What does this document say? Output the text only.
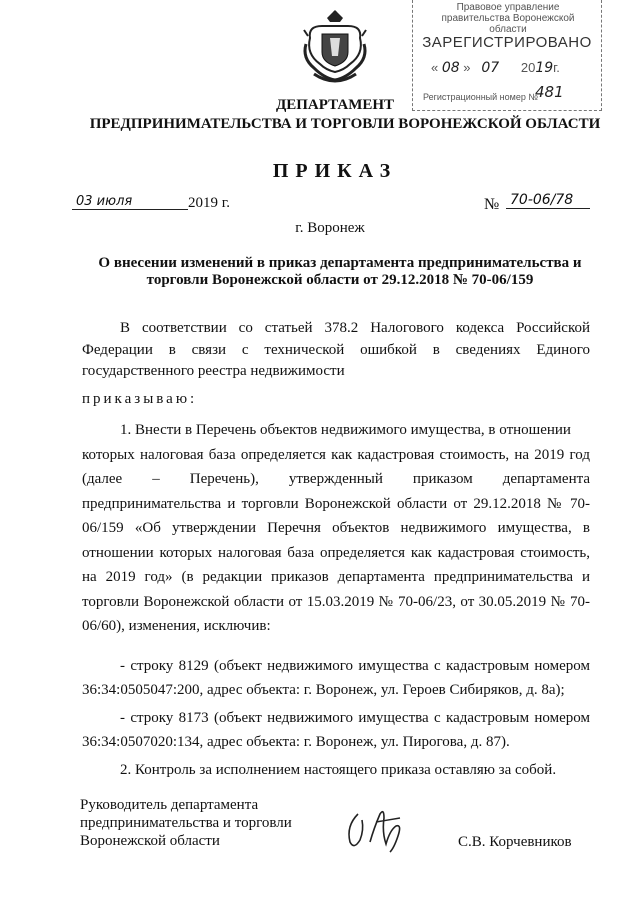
Правовое управление правительства Воронежской области
ЗАРЕГИСТРИРОВАНО
« 08 »   07 2019г.
Регистрационный номер №
481
ДЕПАРТАМЕНТ
ПРЕДПРИНИМАТЕЛЬСТВА И ТОРГОВЛИ ВОРОНЕЖСКОЙ ОБЛАСТИ
ПРИКАЗ
03 июля	2019 г.	№ 70-06/78
г. Воронеж
О внесении изменений в приказ департамента предпринимательства и торговли Воронежской области от 29.12.2018 № 70-06/159
В соответствии со статьей 378.2 Налогового кодекса Российской Федерации в связи с технической ошибкой в сведениях Единого государственного реестра недвижимости
приказываю:
1. Внести в Перечень объектов недвижимого имущества, в отношении
которых налоговая база определяется как кадастровая стоимость, на 2019 год (далее – Перечень), утвержденный приказом департамента предпринимательства и торговли Воронежской области от 29.12.2018 № 70-06/159 «Об утверждении Перечня объектов недвижимого имущества, в отношении которых налоговая база определяется как кадастровая стоимость, на 2019 год» (в редакции приказов департамента предпринимательства и торговли Воронежской области от 15.03.2019 № 70-06/23, от 30.05.2019 № 70-06/60), изменения, исключив:
- строку 8129 (объект недвижимого имущества с кадастровым номером 36:34:0505047:200, адрес объекта: г. Воронеж, ул. Героев Сибиряков, д. 8а);
- строку 8173 (объект недвижимого имущества с кадастровым номером 36:34:0507020:134, адрес объекта: г. Воронеж, ул. Пирогова, д. 87).
2. Контроль за исполнением настоящего приказа оставляю за собой.
Руководитель департамента
предпринимательства и торговли
Воронежской области	С.В. Корчевников
